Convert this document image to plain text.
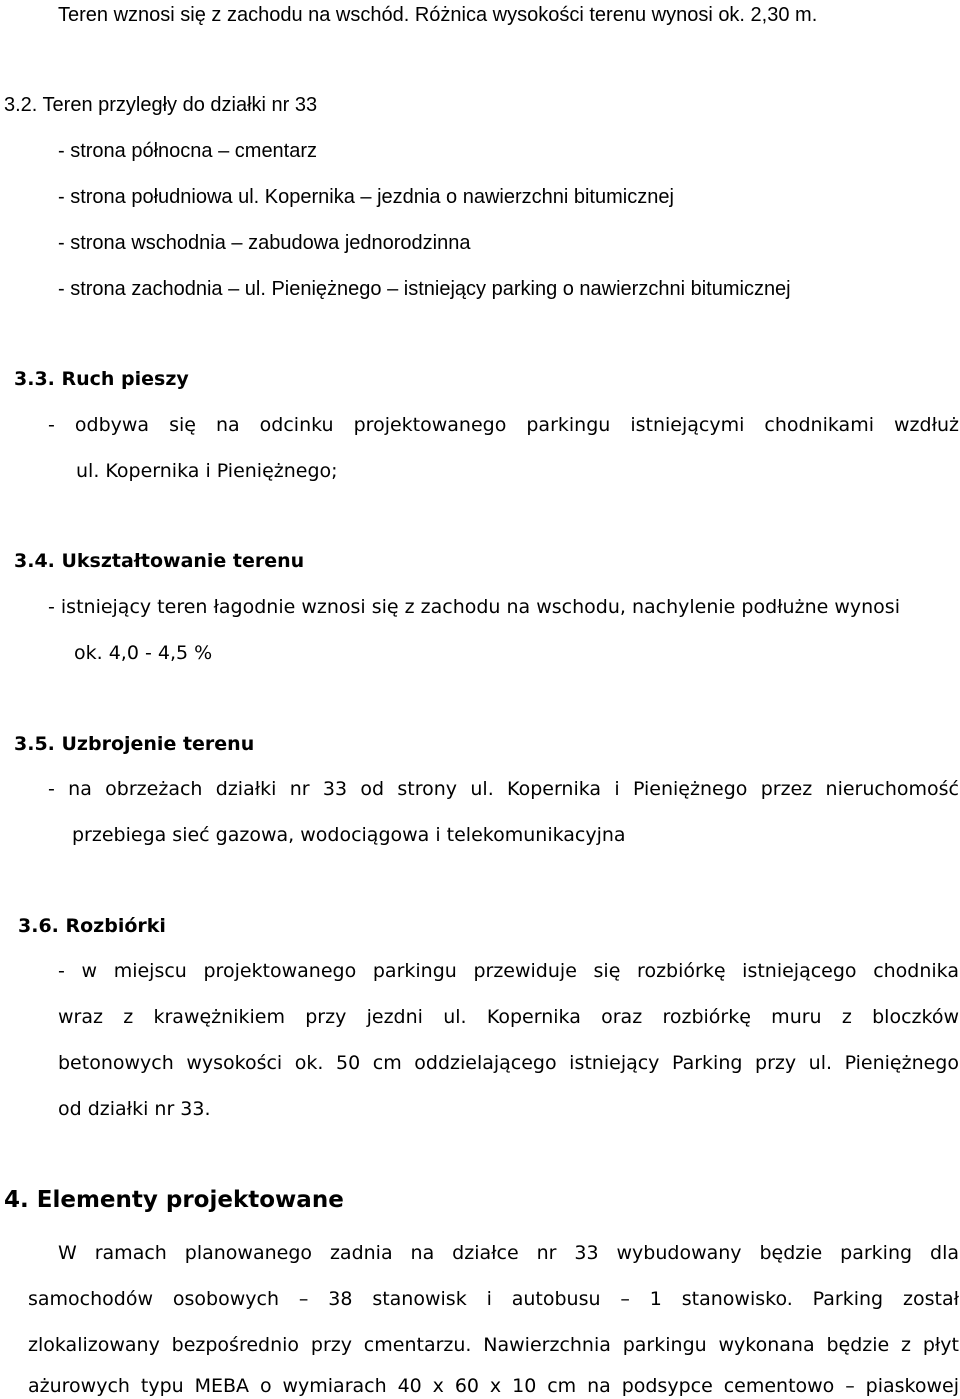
Teren wznosi się z zachodu na wschód. Różnica wysokości terenu wynosi ok. 2,30 m.

3.2. Teren przyległy do działki nr 33

- strona północna – cmentarz

- strona południowa ul. Kopernika – jezdnia o nawierzchni bitumicznej

- strona wschodnia – zabudowa jednorodzinna

- strona zachodnia – ul. Pieniężnego – istniejący parking o nawierzchni bitumicznej

3.3. Ruch pieszy

- odbywa się na odcinku projektowanego parkingu istniejącymi chodnikami wzdłuż

ul. Kopernika i Pieniężnego;

3.4. Ukształtowanie terenu

- istniejący teren łagodnie wznosi się z zachodu na wschodu, nachylenie podłużne wynosi

ok. 4,0 - 4,5 %

3.5. Uzbrojenie terenu

- na obrzeżach działki nr 33 od strony ul. Kopernika i Pieniężnego przez nieruchomość

przebiega sieć gazowa, wodociągowa i telekomunikacyjna

3.6. Rozbiórki

- w miejscu projektowanego parkingu przewiduje się rozbiórkę istniejącego chodnika

wraz z krawężnikiem przy jezdni ul. Kopernika oraz rozbiórkę muru z bloczków

betonowych wysokości ok. 50 cm oddzielającego istniejący Parking przy ul. Pieniężnego

od działki nr 33.

4. Elementy projektowane

W ramach planowanego zadnia na działce nr 33 wybudowany będzie parking dla

samochodów osobowych – 38 stanowisk i autobusu – 1 stanowisko. Parking został

zlokalizowany bezpośrednio przy cmentarzu. Nawierzchnia parkingu wykonana będzie z płyt

ażurowych typu MEBA o wymiarach 40 x 60 x 10 cm na podsypce cementowo – piaskowej
